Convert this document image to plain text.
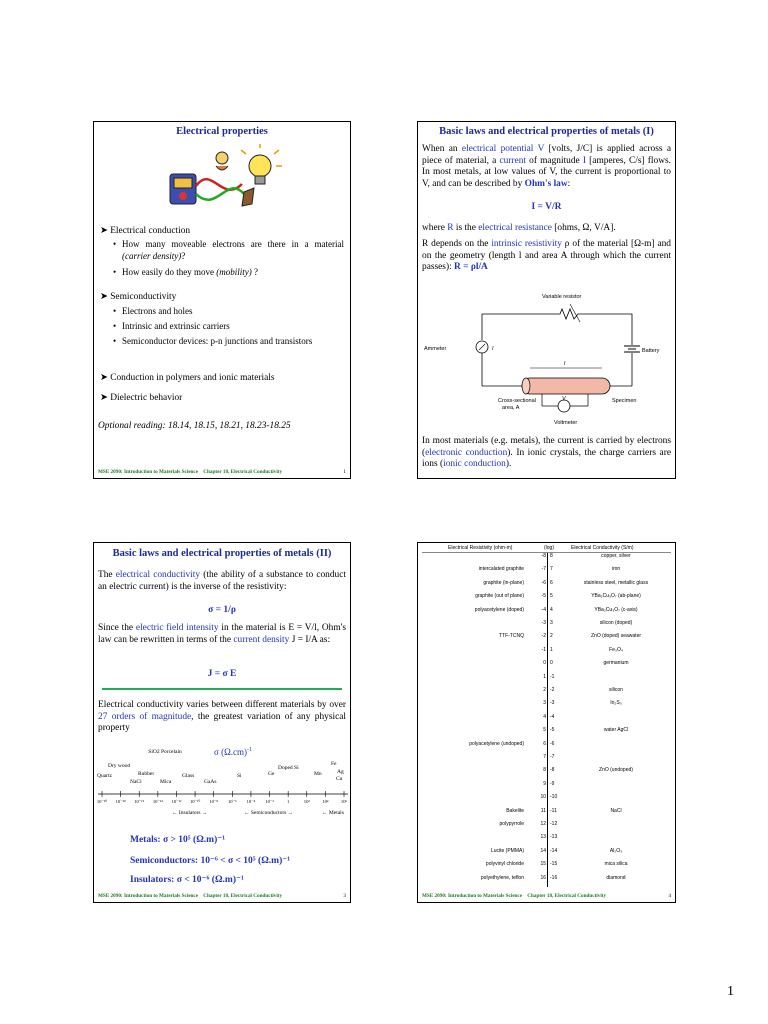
Electrical properties
➤ Electrical conduction
• How many moveable electrons are there in a material (carrier density)?
• How easily do they move (mobility) ?
➤ Semiconductivity
• Electrons and holes
• Intrinsic and extrinsic carriers
• Semiconductor devices: p-n junctions and transistors
➤ Conduction in polymers and ionic materials
➤ Dielectric behavior
Optional reading: 18.14, 18.15, 18.21, 18.23-18.25
MSE 2090: Introduction to Materials Science Chapter 18, Electrical Conductivity	1
Basic laws and electrical properties of metals (I)
When an electrical potential V [volts, J/C] is applied across a piece of material, a current of magnitude I [amperes, C/s] flows. In most metals, at low values of V, the current is proportional to V, and can be described by Ohm's law:
I = V/R
where R is the electrical resistance [ohms, Ω, V/A].
R depends on the intrinsic resistivity ρ of the material [Ω-m] and on the geometry (length l and area A through which the current passes): R = ρl/A
Variable resistor
Ammeter	I	Battery
l
V
Cross-sectional
area, A
Specimen
Voltmeter
In most materials (e.g. metals), the current is carried by electrons (electronic conduction). In ionic crystals, the charge carriers are ions (ionic conduction).
Basic laws and electrical properties of metals (II)
The electrical conductivity (the ability of a substance to conduct an electric current) is the inverse of the resistivity:
σ = 1/ρ
Since the electric field intensity in the material is E = V/l, Ohm's law can be rewritten in terms of the current density J = I/A as:
J = σ E
Electrical conductivity varies between different materials by over 27 orders of magnitude, the greatest variation of any physical property
σ $(\Omega.cm)^{-1}$
SiO2 Porcelain
Dry wood
Quartz	Rubber
NaCl	Mica
Glass
GaAs
Si	Ge
Doped Si
Fe
Mn	Ag
Cu
10⁻²⁰	10⁻¹⁸	10⁻¹⁶	10⁻¹⁴	10⁻¹²	10⁻¹⁰	10⁻⁸	10⁻⁶	10⁻⁴	10⁻²	1	10²	10⁴	10⁶
← Insulators →	← Semiconductors →	← Metals
Metals: σ > 10⁵ (Ω.m)⁻¹
Semiconductors: 10⁻⁶ < σ < 10⁵ (Ω.m)⁻¹
Insulators: σ < 10⁻⁶ (Ω.m)⁻¹
MSE 2090: Introduction to Materials Science Chapter 18, Electrical Conductivity	3
Electrical Resistivity (ohm-m)	(log)	Electrical Conductivity (S/m)
-8 8	copper, silver
intercalated graphite	-7 7	iron
graphite (in-plane)	-6 6	stainless steel, metallic glass
graphite (out of plane)	-5 5	YBa₂Cu₃O₇ (ab-plane)
polyacetylene (doped)	-4 4	YBa₂Cu₃O₇ (c-axis)
-3 3	silicon (doped)
TTF-TCNQ	-2 2	ZnO (doped) seawater
-1 1	Fe₃O₄
0 0	germanium
1 -1
2 -2	silicon
3 -3	In₂S₃
4 -4
5 -5	water AgCl
polyacetylene (undoped)	6 -6
7 -7
8 -8	ZnO (undoped)
9 -9
10 -10
Bakelite	11 -11	NaCl
polypyrrole	12 -12
13 -13
Lucite (PMMA)	14 -14	Al₂O₃
polyvinyl chloride	15 -15	mica silica
polyethylene, teflon	16 -16	diamond
MSE 2090: Introduction to Materials Science Chapter 18, Electrical Conductivity	4
1
